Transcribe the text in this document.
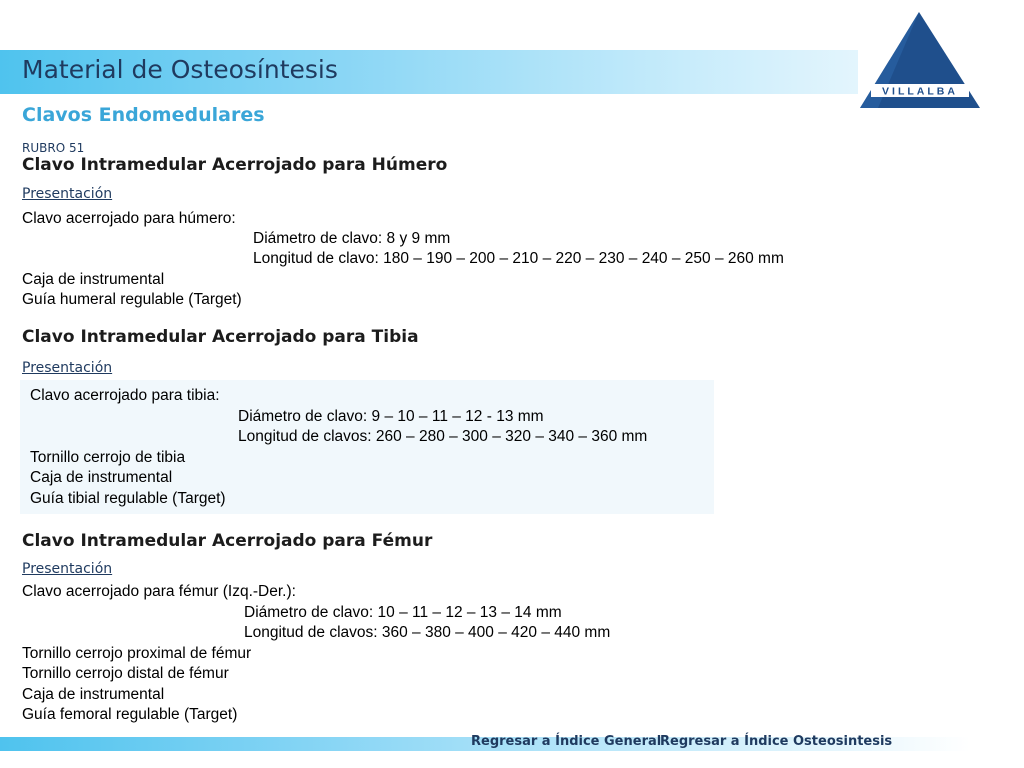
Material de Osteosíntesis
VILLALBA
Clavos Endomedulares
RUBRO 51
Clavo Intramedular Acerrojado para Húmero
Presentación
Clavo acerrojado para húmero:
Diámetro de clavo: 8 y 9 mm
Longitud de clavo: 180 – 190 – 200 – 210 – 220 – 230 – 240 – 250 – 260 mm
Caja de instrumental
Guía humeral regulable (Target)
Clavo Intramedular Acerrojado para Tibia
Presentación
Clavo acerrojado para tibia:
Diámetro de clavo: 9 – 10 – 11 – 12 - 13 mm
Longitud de clavos: 260 – 280 – 300 – 320 – 340 – 360 mm
Tornillo cerrojo de tibia
Caja de instrumental
Guía tibial regulable (Target)
Clavo Intramedular Acerrojado para Fémur
Presentación
Clavo acerrojado para fémur (Izq.-Der.):
Diámetro de clavo: 10 – 11 – 12 – 13 – 14 mm
Longitud de clavos: 360 – 380 – 400 – 420 – 440 mm
Tornillo cerrojo proximal de fémur
Tornillo cerrojo distal de fémur
Caja de instrumental
Guía femoral regulable (Target)
Regresar a Índice General
Regresar a Índice Osteosintesis
